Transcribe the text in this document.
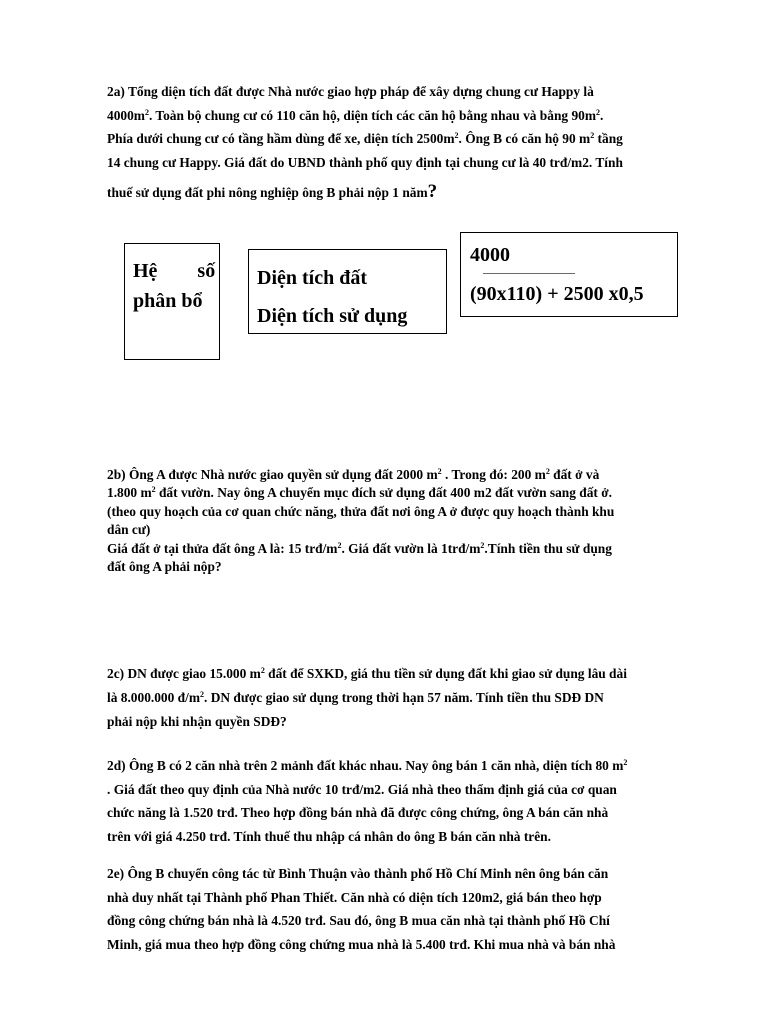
2a) Tổng diện tích đất được Nhà nước giao hợp pháp để xây dựng chung cư Happy là
$4000m^2$. Toàn bộ chung cư có 110 căn hộ, diện tích các căn hộ bằng nhau và bằng $90m^2$.
Phía dưới chung cư có tầng hầm dùng để xe, diện tích $2500m^2$. Ông B có căn hộ 90 $m^2$ tầng
14 chung cư Happy. Giá đất do UBND thành phố quy định tại chung cư là 40 trđ/m2. Tính
thuế sử dụng đất phi nông nghiệp ông B phải nộp 1 năm?
Hệ        số
phân bổ
Diện tích đất
Diện tích sử dụng
4000
(90x110) + 2500 x0,5
2b) Ông A được Nhà nước giao quyền sử dụng đất 2000 $m^2$ . Trong đó: 200 $m^2$ đất ở và
1.800 $m^2$ đất vườn. Nay ông A chuyển mục đích sử dụng đất 400 m2 đất vườn sang đất ở.
(theo quy hoạch của cơ quan chức năng, thửa đất nơi ông A ở được quy hoạch thành khu
dân cư)
Giá đất ở tại thửa đất ông A là: 15 trđ/$m^2$. Giá đất vườn là $1trđ/m^2.Tính$ tiền thu sử dụng
đất ông A phải nộp?
2c) DN được giao 15.000 $m^2$ đất để SXKD, giá thu tiền sử dụng đất khi giao sử dụng lâu dài
là 8.000.000 $đ/m^2$. DN được giao sử dụng trong thời hạn 57 năm. Tính tiền thu SDĐ DN
phải nộp khi nhận quyền SDĐ?
2d) Ông B có 2 căn nhà trên 2 mảnh đất khác nhau. Nay ông bán 1 căn nhà, diện tích 80 $m^2$
. Giá đất theo quy định của Nhà nước 10 trđ/m2. Giá nhà theo thẩm định giá của cơ quan
chức năng là 1.520 trđ. Theo hợp đồng bán nhà đã được công chứng, ông A bán căn nhà
trên với giá 4.250 trđ. Tính thuế thu nhập cá nhân do ông B bán căn nhà trên.
2e) Ông B chuyển công tác từ Bình Thuận vào thành phố Hồ Chí Minh nên ông bán căn
nhà duy nhất tại Thành phố Phan Thiết. Căn nhà có diện tích 120m2, giá bán theo hợp
đồng công chứng bán nhà là 4.520 trđ. Sau đó, ông B mua căn nhà tại thành phố Hồ Chí
Minh, giá mua theo hợp đồng công chứng mua nhà là 5.400 trđ. Khi mua nhà và bán nhà
